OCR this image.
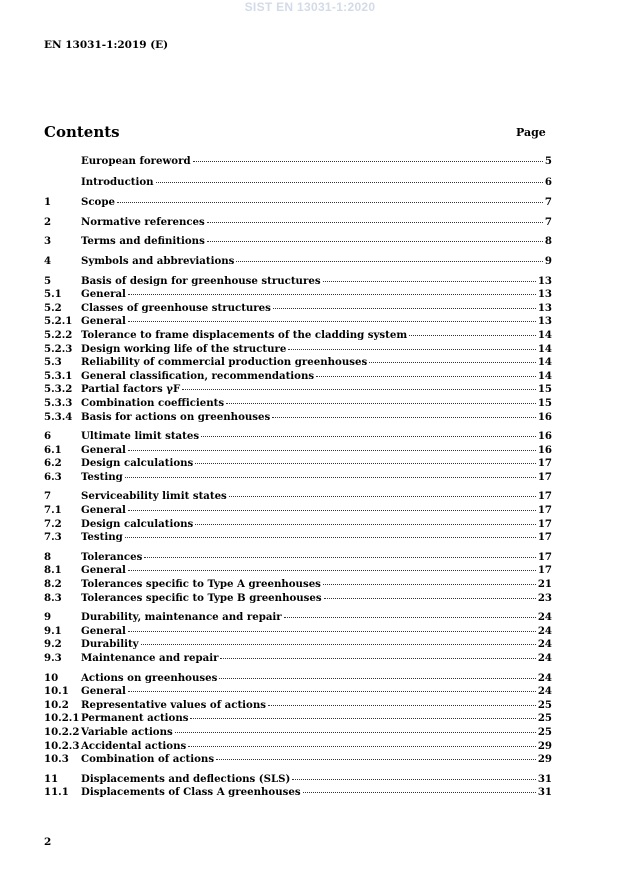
SIST EN 13031-1:2020
EN 13031-1:2019 (E)
Contents	Page
European foreword	5
Introduction	6
1	Scope	7
2	Normative references	7
3	Terms and definitions	8
4	Symbols and abbreviations	9
5	Basis of design for greenhouse structures	13
5.1	General	13
5.2	Classes of greenhouse structures	13
5.2.1 General	13
5.2.2 Tolerance to frame displacements of the cladding system	14
5.2.3 Design working life of the structure	14
5.3	Reliability of commercial production greenhouses	14
5.3.1 General classification, recommendations	14
5.3.2 Partial factors γF	15
5.3.3 Combination coefficients	15
5.3.4 Basis for actions on greenhouses	16
6	Ultimate limit states	16
6.1	General	16
6.2	Design calculations	17
6.3	Testing	17
7	Serviceability limit states	17
7.1	General	17
7.2	Design calculations	17
7.3	Testing	17
8	Tolerances	17
8.1	General	17
8.2	Tolerances specific to Type A greenhouses	21
8.3	Tolerances specific to Type B greenhouses	23
9	Durability, maintenance and repair	24
9.1	General	24
9.2	Durability	24
9.3	Maintenance and repair	24
10	Actions on greenhouses	24
10.1	General	24
10.2	Representative values of actions	25
10.2.1 Permanent actions	25
10.2.2 Variable actions	25
10.2.3 Accidental actions	29
10.3	Combination of actions	29
11	Displacements and deflections (SLS)	31
11.1	Displacements of Class A greenhouses	31
2
